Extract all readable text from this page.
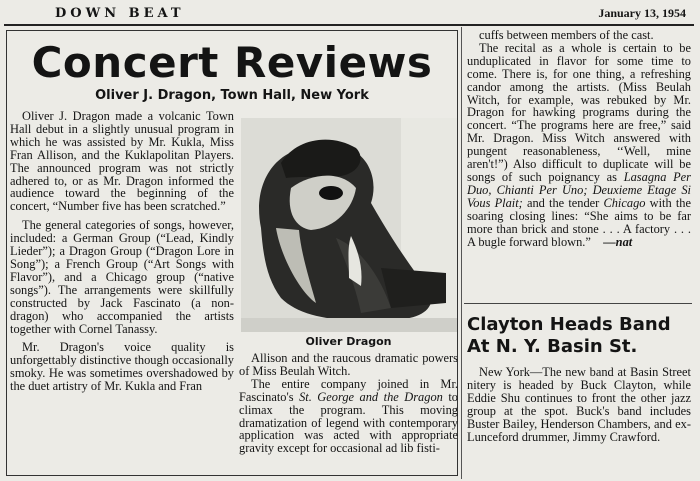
DOWN BEAT	January 13, 1954
Concert Reviews
Oliver J. Dragon, Town Hall, New York

Oliver J. Dragon made a volcanic Town Hall debut in a slightly unusual program in which he was assisted by Mr. Kukla, Miss Fran Allison, and the Kuklapolitan Players. The announced program was not strictly adhered to, or as Mr. Dragon informed the audience toward the beginning of the concert, “Number five has been scratched.”

The general categories of songs, however, included: a German Group (“Lead, Kindly Lieder”); a Dragon Group (“Dragon Lore in Song”); a French Group (“Art Songs with Flavor”), and a Chicago group (“native songs”). The arrangements were skillfully constructed by Jack Fascinato (a non-dragon) who accompanied the artists together with Cornel Tanassy.

Mr. Dragon's voice quality is unforgettably distinctive though occasionally smoky. He was sometimes overshadowed by the duet artistry of Mr. Kukla and Fran

Oliver Dragon

Allison and the raucous dramatic powers of Miss Beulah Witch.

The entire company joined in Mr. Fascinato's St. George and the Dragon to climax the program. This moving dramatization of legend with contemporary application was acted with appropriate gravity except for occasional ad lib fisti-

cuffs between members of the cast.

The recital as a whole is certain to be unduplicated in flavor for some time to come. There is, for one thing, a refreshing candor among the artists. (Miss Beulah Witch, for example, was rebuked by Mr. Dragon for hawking programs during the concert. “The programs here are free,” said Mr. Dragon. Miss Witch answered with pungent reasonableness, ‘‘Well, mine aren't!”) Also difficult to duplicate will be songs of such poignancy as Lasagna Per Duo, Chianti Per Uno; Deuxieme Etage Si Vous Plait; and the tender Chicago with the soaring closing lines: “She aims to be far more than brick and stone . . . A factory . . . A bugle forward blown.” —nat

Clayton Heads Band At N. Y. Basin St.

New York—The new band at Basin Street nitery is headed by Buck Clayton, while Eddie Shu continues to front the other jazz group at the spot. Buck's band includes Buster Bailey, Henderson Chambers, and ex-Lunceford drummer, Jimmy Crawford.
